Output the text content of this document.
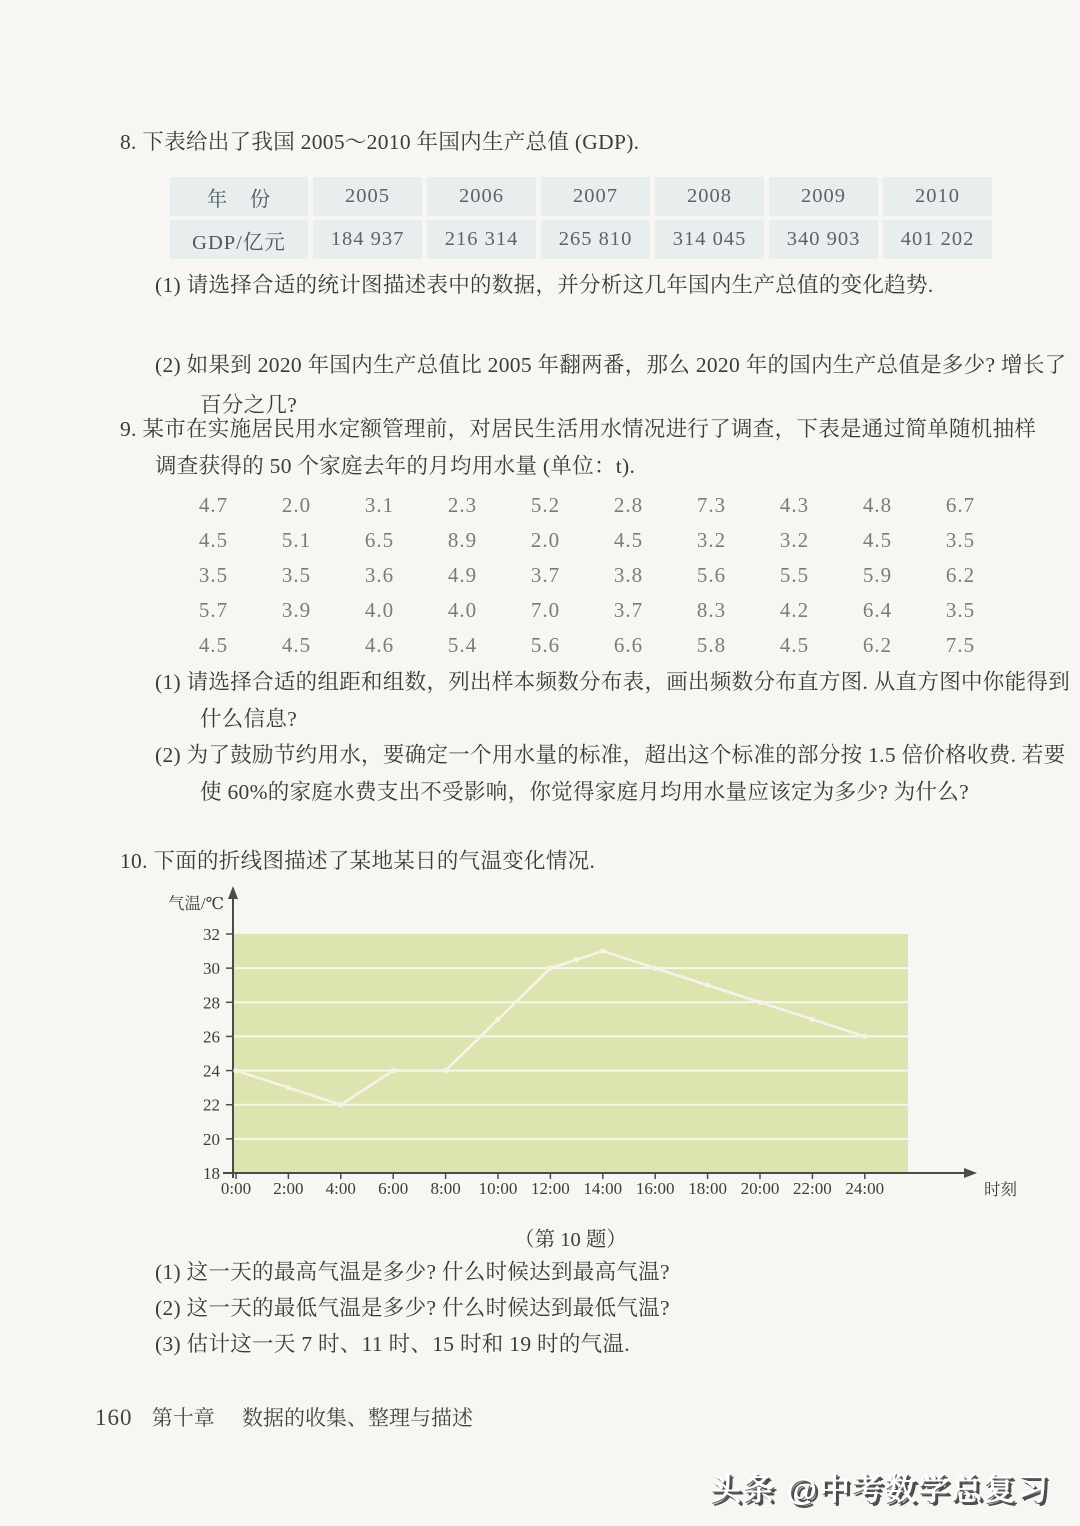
8. 下表给出了我国 2005～2010 年国内生产总值 (GDP).
年　份	2005	2006	2007	2008	2009	2010
GDP/亿元	184 937	216 314	265 810	314 045	340 903	401 202
(1) 请选择合适的统计图描述表中的数据，并分析这几年国内生产总值的变化趋势.
(2) 如果到 2020 年国内生产总值比 2005 年翻两番，那么 2020 年的国内生产总值是多少? 增长了百分之几?
9. 某市在实施居民用水定额管理前，对居民生活用水情况进行了调查，下表是通过简单随机抽样调查获得的 50 个家庭去年的月均用水量 (单位：t).
4.7	2.0	3.1	2.3	5.2	2.8	7.3	4.3	4.8	6.7
4.5	5.1	6.5	8.9	2.0	4.5	3.2	3.2	4.5	3.5
3.5	3.5	3.6	4.9	3.7	3.8	5.6	5.5	5.9	6.2
5.7	3.9	4.0	4.0	7.0	3.7	8.3	4.2	6.4	3.5
4.5	4.5	4.6	5.4	5.6	6.6	5.8	4.5	6.2	7.5
(1) 请选择合适的组距和组数，列出样本频数分布表，画出频数分布直方图. 从直方图中你能得到什么信息?
(2) 为了鼓励节约用水，要确定一个用水量的标准，超出这个标准的部分按 1.5 倍价格收费. 若要使 60%的家庭水费支出不受影响，你觉得家庭月均用水量应该定为多少? 为什么?
10. 下面的折线图描述了某地某日的气温变化情况.
18
20
22
24
26
28
30
32
0:00 2:00 4:00 6:00 8:00 10:00 12:00 14:00 16:00 18:00 20:00 22:00 24:00
气温/℃
时刻
（第 10 题）
(1) 这一天的最高气温是多少? 什么时候达到最高气温?
(2) 这一天的最低气温是多少? 什么时候达到最低气温?
(3) 估计这一天 7 时、11 时、15 时和 19 时的气温.
160 第十章 数据的收集、整理与描述
头条 @中考数学总复习
